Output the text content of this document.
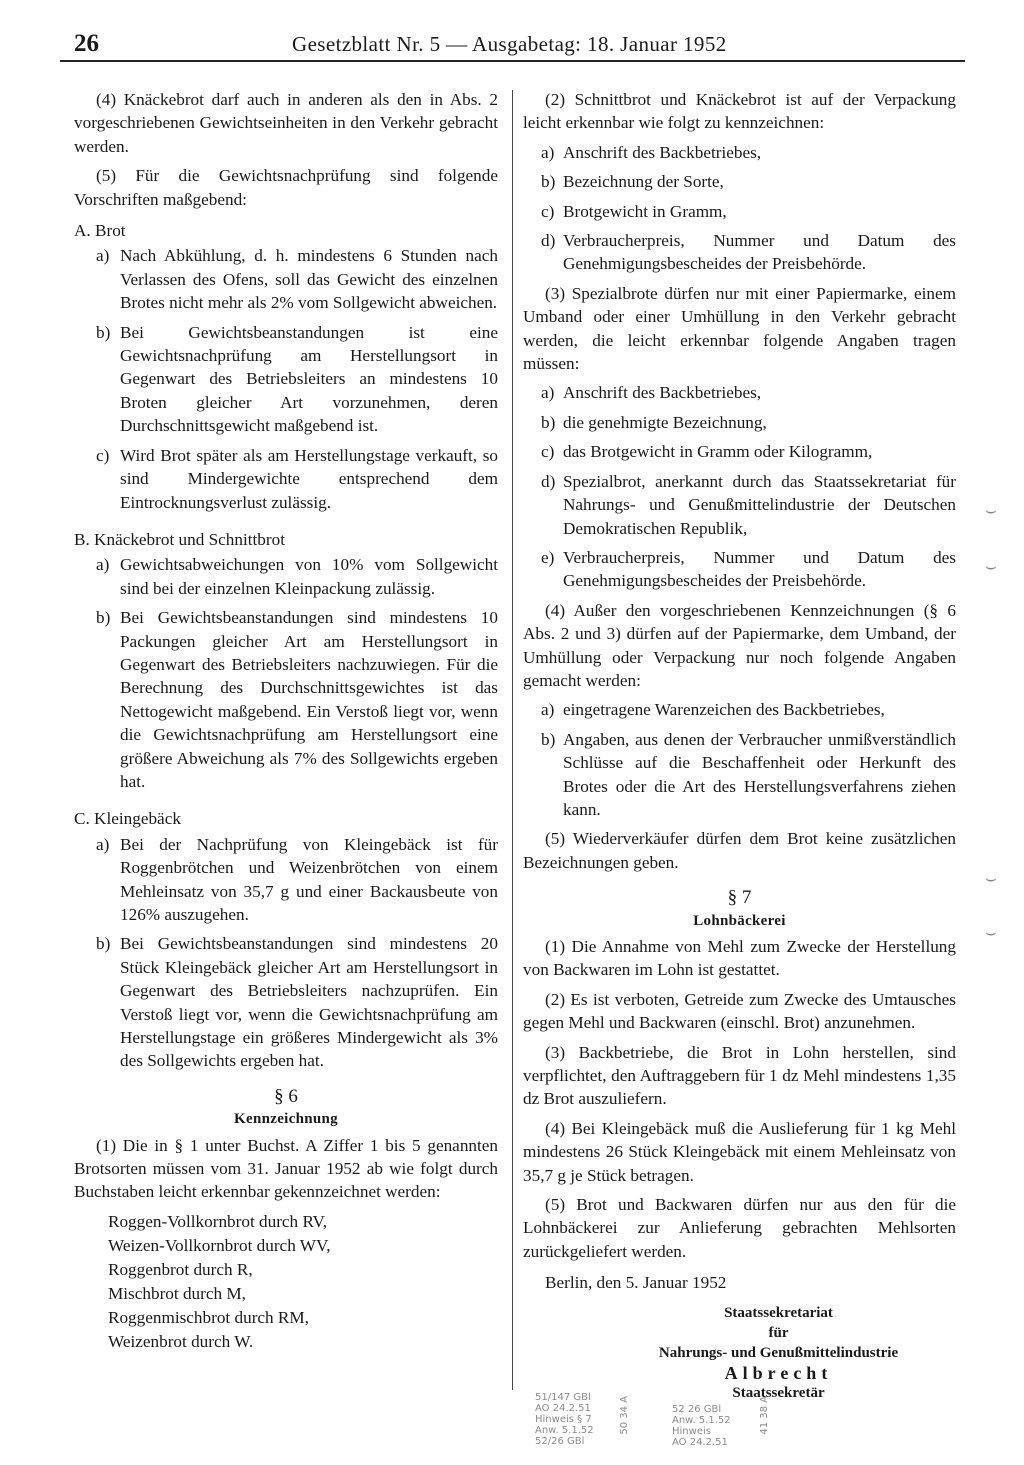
26	Gesetzblatt Nr. 5 — Ausgabetag: 18. Januar 1952

(4) Knäckebrot darf auch in anderen als den in Abs. 2 vorgeschriebenen Gewichtseinheiten in den Verkehr gebracht werden.

(5) Für die Gewichtsnachprüfung sind folgende Vorschriften maßgebend:

A. Brot

a) Nach Abkühlung, d. h. mindestens 6 Stunden nach Verlassen des Ofens, soll das Gewicht des einzelnen Brotes nicht mehr als 2% vom Sollgewicht abweichen.
b) Bei Gewichtsbeanstandungen ist eine Gewichtsnachprüfung am Herstellungsort in Gegenwart des Betriebsleiters an mindestens 10 Broten gleicher Art vorzunehmen, deren Durchschnittsgewicht maßgebend ist.
c) Wird Brot später als am Herstellungstage verkauft, so sind Mindergewichte entsprechend dem Eintrocknungsverlust zulässig.

B. Knäckebrot und Schnittbrot

a) Gewichtsabweichungen von 10% vom Sollgewicht sind bei der einzelnen Kleinpackung zulässig.
b) Bei Gewichtsbeanstandungen sind mindestens 10 Packungen gleicher Art am Herstellungsort in Gegenwart des Betriebsleiters nachzuwiegen. Für die Berechnung des Durchschnittsgewichtes ist das Nettogewicht maßgebend. Ein Verstoß liegt vor, wenn die Gewichtsnachprüfung am Herstellungsort eine größere Abweichung als 7% des Sollgewichts ergeben hat.

C. Kleingebäck

a) Bei der Nachprüfung von Kleingebäck ist für Roggenbrötchen und Weizenbrötchen von einem Mehleinsatz von 35,7 g und einer Backausbeute von 126% auszugehen.
b) Bei Gewichtsbeanstandungen sind mindestens 20 Stück Kleingebäck gleicher Art am Herstellungsort in Gegenwart des Betriebsleiters nachzuprüfen. Ein Verstoß liegt vor, wenn die Gewichtsnachprüfung am Herstellungstage ein größeres Mindergewicht als 3% des Sollgewichts ergeben hat.

§ 6

Kennzeichnung

(1) Die in § 1 unter Buchst. A Ziffer 1 bis 5 genannten Brotsorten müssen vom 31. Januar 1952 ab wie folgt durch Buchstaben leicht erkennbar gekennzeichnet werden:

Roggen-Vollkornbrot durch RV,
Weizen-Vollkornbrot durch WV,
Roggenbrot durch R,
Mischbrot durch M,
Roggenmischbrot durch RM,
Weizenbrot durch W.

(2) Schnittbrot und Knäckebrot ist auf der Verpackung leicht erkennbar wie folgt zu kennzeichnen:

a) Anschrift des Backbetriebes,
b) Bezeichnung der Sorte,
c) Brotgewicht in Gramm,
d) Verbraucherpreis, Nummer und Datum des Genehmigungsbescheides der Preisbehörde.

(3) Spezialbrote dürfen nur mit einer Papiermarke, einem Umband oder einer Umhüllung in den Verkehr gebracht werden, die leicht erkennbar folgende Angaben tragen müssen:

a) Anschrift des Backbetriebes,
b) die genehmigte Bezeichnung,
c) das Brotgewicht in Gramm oder Kilogramm,
d) Spezialbrot, anerkannt durch das Staatssekretariat für Nahrungs- und Genußmittelindustrie der Deutschen Demokratischen Republik,
e) Verbraucherpreis, Nummer und Datum des Genehmigungsbescheides der Preisbehörde.

(4) Außer den vorgeschriebenen Kennzeichnungen (§ 6 Abs. 2 und 3) dürfen auf der Papiermarke, dem Umband, der Umhüllung oder Verpackung nur noch folgende Angaben gemacht werden:

a) eingetragene Warenzeichen des Backbetriebes,
b) Angaben, aus denen der Verbraucher unmißverständlich Schlüsse auf die Beschaffenheit oder Herkunft des Brotes oder die Art des Herstellungsverfahrens ziehen kann.

(5) Wiederverkäufer dürfen dem Brot keine zusätzlichen Bezeichnungen geben.

§ 7

Lohnbäckerei

(1) Die Annahme von Mehl zum Zwecke der Herstellung von Backwaren im Lohn ist gestattet.

(2) Es ist verboten, Getreide zum Zwecke des Umtausches gegen Mehl und Backwaren (einschl. Brot) anzunehmen.

(3) Backbetriebe, die Brot in Lohn herstellen, sind verpflichtet, den Auftraggebern für 1 dz Mehl mindestens 1,35 dz Brot auszuliefern.

(4) Bei Kleingebäck muß die Auslieferung für 1 kg Mehl mindestens 26 Stück Kleingebäck mit einem Mehleinsatz von 35,7 g je Stück betragen.

(5) Brot und Backwaren dürfen nur aus den für die Lohnbäckerei zur Anlieferung gebrachten Mehlsorten zurückgeliefert werden.

Berlin, den 5. Januar 1952

Staatssekretariat

für

Nahrungs- und Genußmittelindustrie

Albrecht

Staatssekretär

51/147 GBl
AO 24.2.51
Hinweis § 7
Anw. 5.1.52
52/26 GBl
50 34 A	52 26 GBl
Anw. 5.1.52
Hinweis
AO 24.2.51
41 38 A
⌣
⌣
⌣
⌣
